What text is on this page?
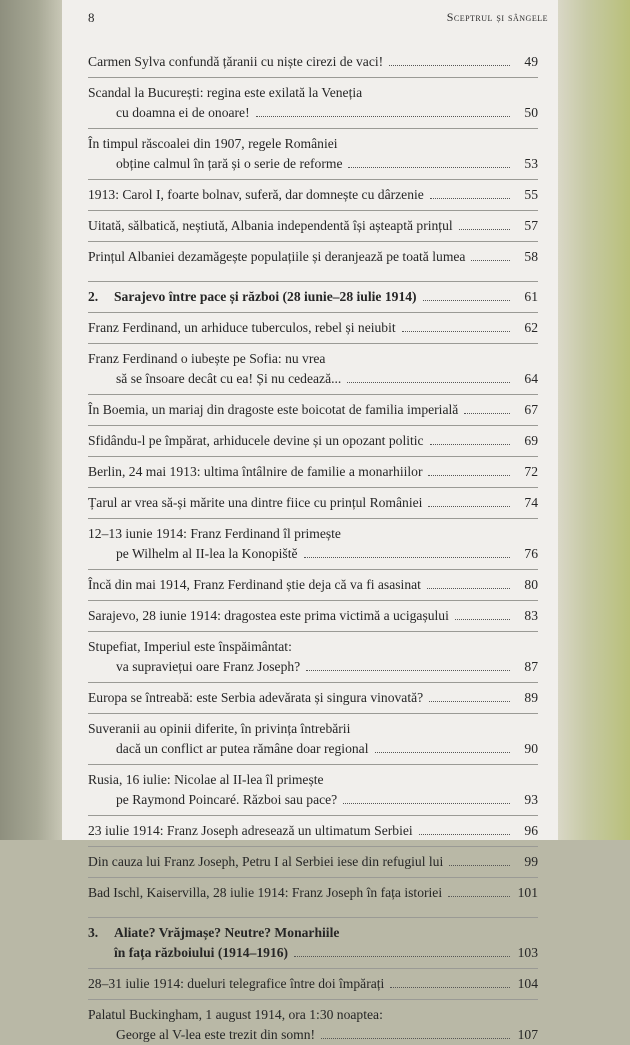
8	Sceptrul și sângele
Carmen Sylva confundă țăranii cu niște cirezi de vaci!	49
Scandal la București: regina este exilată la Veneția
cu doamna ei de onoare!	50
În timpul răscoalei din 1907, regele României
obține calmul în țară și o serie de reforme	53
1913: Carol I, foarte bolnav, suferă, dar domnește cu dârzenie	55
Uitată, sălbatică, neștiută, Albania independentă își așteaptă prințul	57
Prințul Albaniei dezamăgește populațiile și deranjează pe toată lumea	58
2.	Sarajevo între pace și război (28 iunie–28 iulie 1914)	61
Franz Ferdinand, un arhiduce tuberculos, rebel și neiubit	62
Franz Ferdinand o iubește pe Sofia: nu vrea
să se însoare decât cu ea! Și nu cedează...	64
În Boemia, un mariaj din dragoste este boicotat de familia imperială	67
Sfidându-l pe împărat, arhiducele devine și un opozant politic	69
Berlin, 24 mai 1913: ultima întâlnire de familie a monarhiilor	72
Țarul ar vrea să-și mărite una dintre fiice cu prințul României	74
12–13 iunie 1914: Franz Ferdinand îl primește
pe Wilhelm al II-lea la Konopiště	76
Încă din mai 1914, Franz Ferdinand știe deja că va fi asasinat	80
Sarajevo, 28 iunie 1914: dragostea este prima victimă a ucigașului	83
Stupefiat, Imperiul este înspăimântat:
va supraviețui oare Franz Joseph?	87
Europa se întreabă: este Serbia adevărata și singura vinovată?	89
Suveranii au opinii diferite, în privința întrebării
dacă un conflict ar putea rămâne doar regional	90
Rusia, 16 iulie: Nicolae al II-lea îl primește
pe Raymond Poincaré. Război sau pace?	93
23 iulie 1914: Franz Joseph adresează un ultimatum Serbiei	96
Din cauza lui Franz Joseph, Petru I al Serbiei iese din refugiul lui	99
Bad Ischl, Kaiservilla, 28 iulie 1914: Franz Joseph în fața istoriei	101
3.	Aliate? Vrăjmașe? Neutre? Monarhiile
în fața războiului (1914–1916)	103
28–31 iulie 1914: dueluri telegrafice între doi împărați	104
Palatul Buckingham, 1 august 1914, ora 1:30 noaptea:
George al V-lea este trezit din somn!	107
